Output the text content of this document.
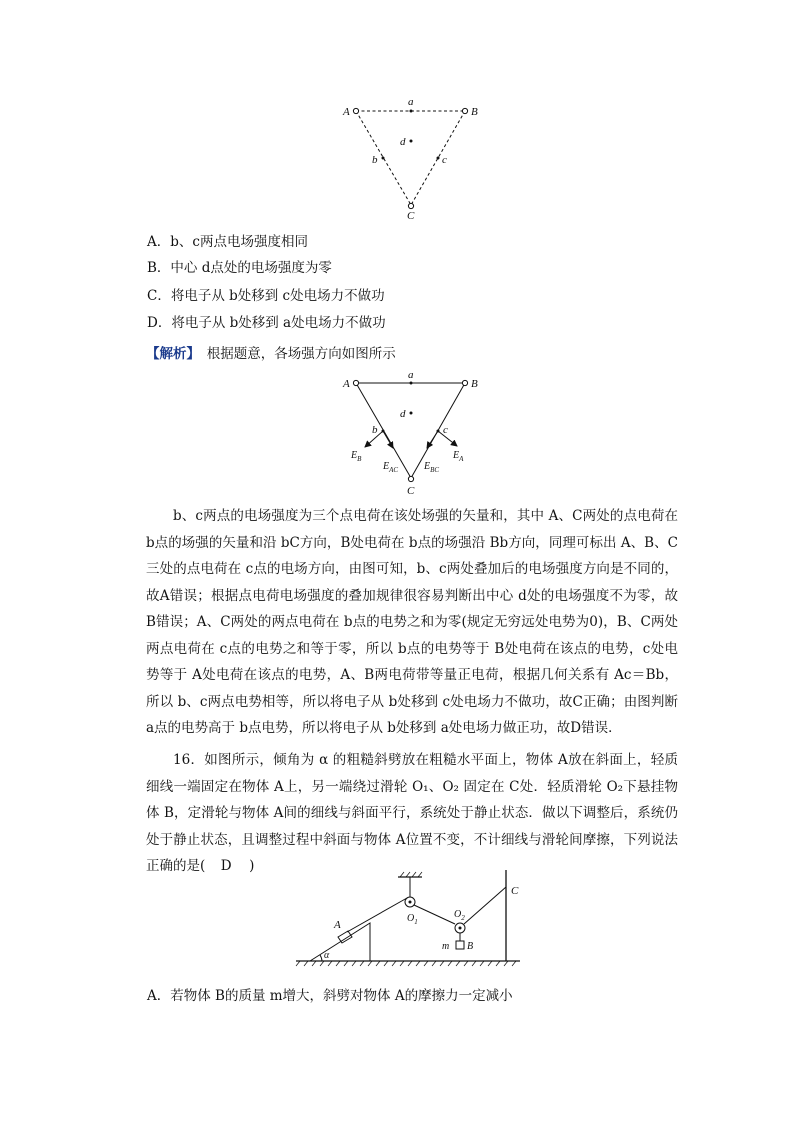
A	B
C
a
b	c
d
A．b、c两点电场强度相同
B．中心 d点处的电场强度为零
C．将电子从 b处移到 c处电场力不做功
D．将电子从 b处移到 a处电场力不做功
【解析】　 根据题意，各场强方向如图所示
A	B
C
a
b	c
d
$E_B$
$E_{AC}$	$E_{BC}$
$E_A$
b、c两点的电场强度为三个点电荷在该处场强的矢量和，其中 A、C两处的点电荷在 b点的场强的矢量和沿 bC方向，B处电荷在 b点的场强沿 Bb方向，同理可标出 A、B、C三处的点电荷在 c点的电场方向，由图可知，b、c两处叠加后的电场强度方向是不同的，故A错误；根据点电荷电场强度的叠加规律很容易判断出中心 d处的电场强度不为零，故B错误；A、C两处的两点电荷在 b点的电势之和为零(规定无穷远处电势为0)，B、C两处两点电荷在 c点的电势之和等于零，所以 b点的电势等于 B处电荷在该点的电势，c处电势等于 A处电荷在该点的电势，A、B两电荷带等量正电荷，根据几何关系有 Ac＝Bb，所以 b、c两点电势相等，所以将电子从 b处移到 c处电场力不做功，故C正确；由图判断 a点的电势高于 b点电势，所以将电子从 b处移到 a处电场力做正功，故D错误．
16．如图所示，倾角为 α 的粗糙斜劈放在粗糙水平面上，物体 A放在斜面上，轻质细线一端固定在物体 A上，另一端绕过滑轮 O₁、O₂ 固定在 C处．轻质滑轮 O₂下悬挂物体 B，定滑轮与物体 A间的细线与斜面平行，系统处于静止状态．做以下调整后，系统仍处于静止状态，且调整过程中斜面与物体 A位置不变，不计细线与滑轮间摩擦，下列说法正确的是(　D　)
A
α
$O_1$
$O_2$
m B
C
A．若物体 B的质量 m增大，斜劈对物体 A的摩擦力一定减小
